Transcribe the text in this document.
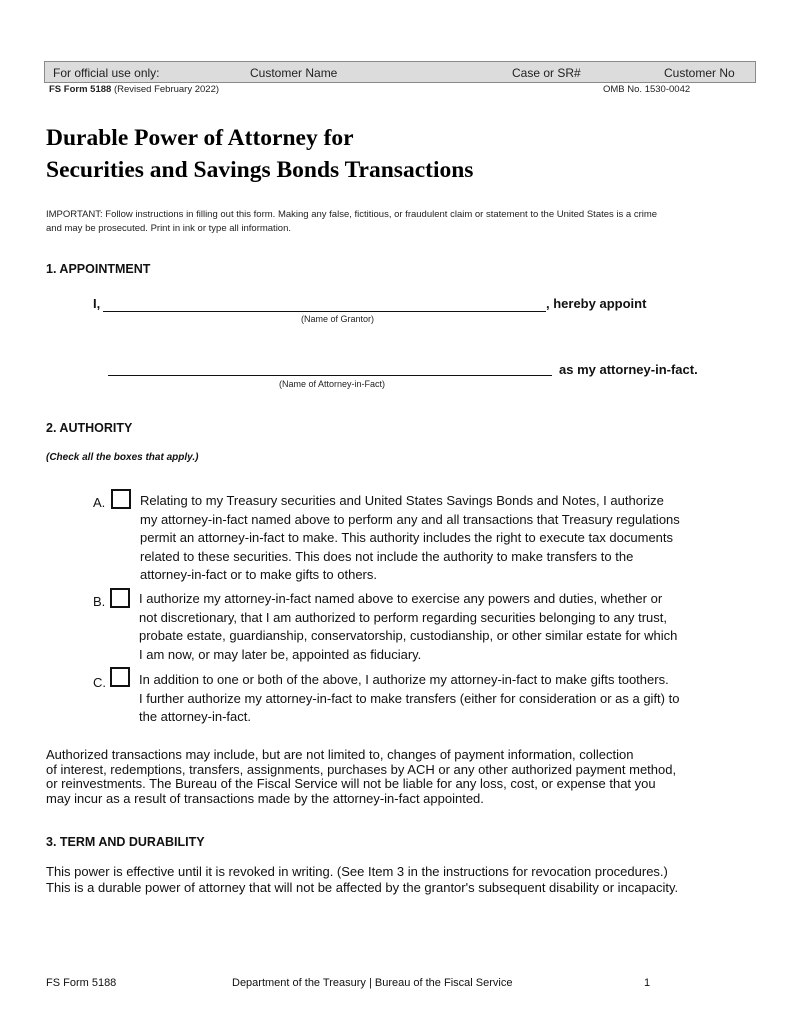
For official use only:	Customer Name	Case or SR#	Customer No
FS Form 5188 (Revised February 2022)	OMB No. 1530-0042
Durable Power of Attorney for
Securities and Savings Bonds Transactions
IMPORTANT: Follow instructions in filling out this form. Making any false, fictitious, or fraudulent claim or statement to the United States is a crime
and may be prosecuted. Print in ink or type all information.
1. APPOINTMENT
I,	, hereby appoint
(Name of Grantor)
as my attorney-in-fact.
(Name of Attorney-in-Fact)
2. AUTHORITY
(Check all the boxes that apply.)
A.	Relating to my Treasury securities and United States Savings Bonds and Notes, I authorize
my attorney-in-fact named above to perform any and all transactions that Treasury regulations
permit an attorney-in-fact to make. This authority includes the right to execute tax documents
related to these securities. This does not include the authority to make transfers to the
attorney-in-fact or to make gifts to others.
B.	I authorize my attorney-in-fact named above to exercise any powers and duties, whether or
not discretionary, that I am authorized to perform regarding securities belonging to any trust,
probate estate, guardianship, conservatorship, custodianship, or other similar estate for which
I am now, or may later be, appointed as fiduciary.
C.	In addition to one or both of the above, I authorize my attorney-in-fact to make gifts toothers.
I further authorize my attorney-in-fact to make transfers (either for consideration or as a gift) to
the attorney-in-fact.
Authorized transactions may include, but are not limited to, changes of payment information, collection
of interest, redemptions, transfers, assignments, purchases by ACH or any other authorized payment method,
or reinvestments. The Bureau of the Fiscal Service will not be liable for any loss, cost, or expense that you
may incur as a result of transactions made by the attorney-in-fact appointed.
3. TERM AND DURABILITY
This power is effective until it is revoked in writing. (See Item 3 in the instructions for revocation procedures.)
This is a durable power of attorney that will not be affected by the grantor's subsequent disability or incapacity.
FS Form 5188	Department of the Treasury | Bureau of the Fiscal Service	1
